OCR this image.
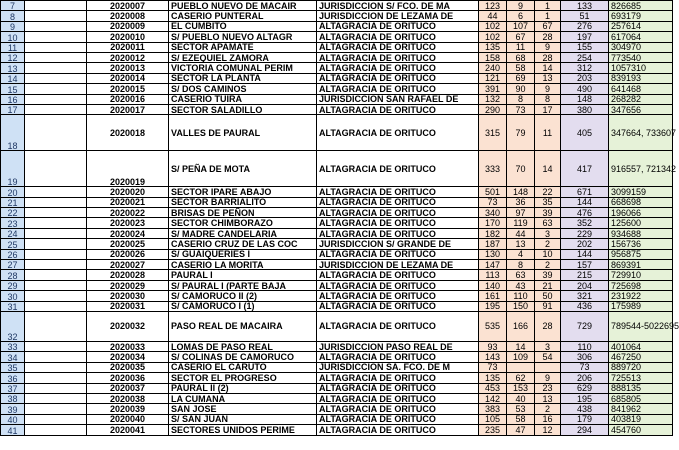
7		2020007	PUEBLO NUEVO DE MACAIR	JURISDICCION S/ FCO. DE MA	123	9	1	133	826685
8		2020008	CASERIO PUNTERAL	JURISDICCION DE LEZAMA DE	44	6	1	51	693179
9		2020009	EL CUMBITO	ALTAGRACIA DE ORITUCO	102	107	67	276	257614
10		2020010	S/ PUEBLO NUEVO ALTAGR	ALTAGRACIA DE ORITUCO	102	67	28	197	617064
11		2020011	SECTOR APAMATE	ALTAGRACIA DE ORITUCO	135	11	9	155	304970
12		2020012	S/ EZEQUIEL ZAMORA	ALTAGRACIA DE ORITUCO	158	68	28	254	773540
13		2020013	VICTORIA COMUNAL PERIM	ALTAGRACIA DE ORITUCO	240	58	14	312	1057310
14		2020014	SECTOR LA PLANTA	ALTAGRACIA DE ORITUCO	121	69	13	203	839193
15		2020015	S/ DOS CAMINOS	ALTAGRACIA DE ORITUCO	391	90	9	490	641468
16		2020016	CASERIO TUIRA	JURISDICCION SAN RAFAEL DE	132	8	8	148	268282
17		2020017	SECTOR SALADILLO	ALTAGRACIA DE ORITUCO	290	73	17	380	347656
18		2020018	VALLES DE PAURAL	ALTAGRACIA DE ORITUCO	315	79	11	405	347664, 733607
19		2020019	S/ PEÑA DE MOTA	ALTAGRACIA DE ORITUCO	333	70	14	417	916557, 721342
20		2020020	SECTOR IPARE ABAJO	ALTAGRACIA DE ORITUCO	501	148	22	671	3099159
21		2020021	SECTOR BARRIALITO	ALTAGRACIA DE ORITUCO	73	36	35	144	668698
22		2020022	BRISAS DE PEÑON	ALTAGRACIA DE ORITUCO	340	97	39	476	196066
23		2020023	SECTOR CHIMBORAZO	ALTAGRACIA DE ORITUCO	170	119	63	352	125600
24		2020024	S/ MADRE CANDELARIA	ALTAGRACIA DE ORITUCO	182	44	3	229	934688
25		2020025	CASERIO CRUZ DE LAS COC	JURISDICCION S/ GRANDE DE	187	13	2	202	156736
26		2020026	S/ GUAIQUERIES I	ALTAGRACIA DE ORITUCO	130	4	10	144	956875
27		2020027	CASERIO LA MORITA	JURISDICCION DE LEZAMA DE	147	8	2	157	869391
28		2020028	PAURAL I	ALTAGRACIA DE ORITUCO	113	63	39	215	729910
29		2020029	S/ PAURAL I (PARTE BAJA	ALTAGRACIA DE ORITUCO	140	43	21	204	725698
30		2020030	S/ CAMORUCO II (2)	ALTAGRACIA DE ORITUCO	161	110	50	321	231922
31		2020031	S/ CAMORUCO I (1)	ALTAGRACIA DE ORITUCO	195	150	91	436	175989
32		2020032	PASO REAL DE MACAIRA	ALTAGRACIA DE ORITUCO	535	166	28	729	789544-5022695
33		2020033	LOMAS DE PASO REAL	JURISDICCION PASO REAL DE	93	14	3	110	401064
34		2020034	S/ COLINAS DE CAMORUCO	ALTAGRACIA DE ORITUCO	143	109	54	306	467250
35		2020035	CASERIO EL CARUTO	JURISDICCION SA. FCO. DE M	73			73	889720
36		2020036	SECTOR EL PROGRESO	ALTAGRACIA DE ORITUCO	135	62	9	206	725513
37		2020037	PAURAL II (2)	ALTAGRACIA DE ORITUCO	453	153	23	629	888135
38		2020038	LA CUMANA	ALTAGRACIA DE ORITUCO	142	40	13	195	685805
39		2020039	SAN JOSE	ALTAGRACIA DE ORITUCO	383	53	2	438	841962
40		2020040	S/ SAN JUAN	ALTAGRACIA DE ORITUCO	105	58	16	179	403819
41		2020041	SECTORES UNIDOS PERIME	ALTAGRACIA DE ORITUCO	235	47	12	294	454760
